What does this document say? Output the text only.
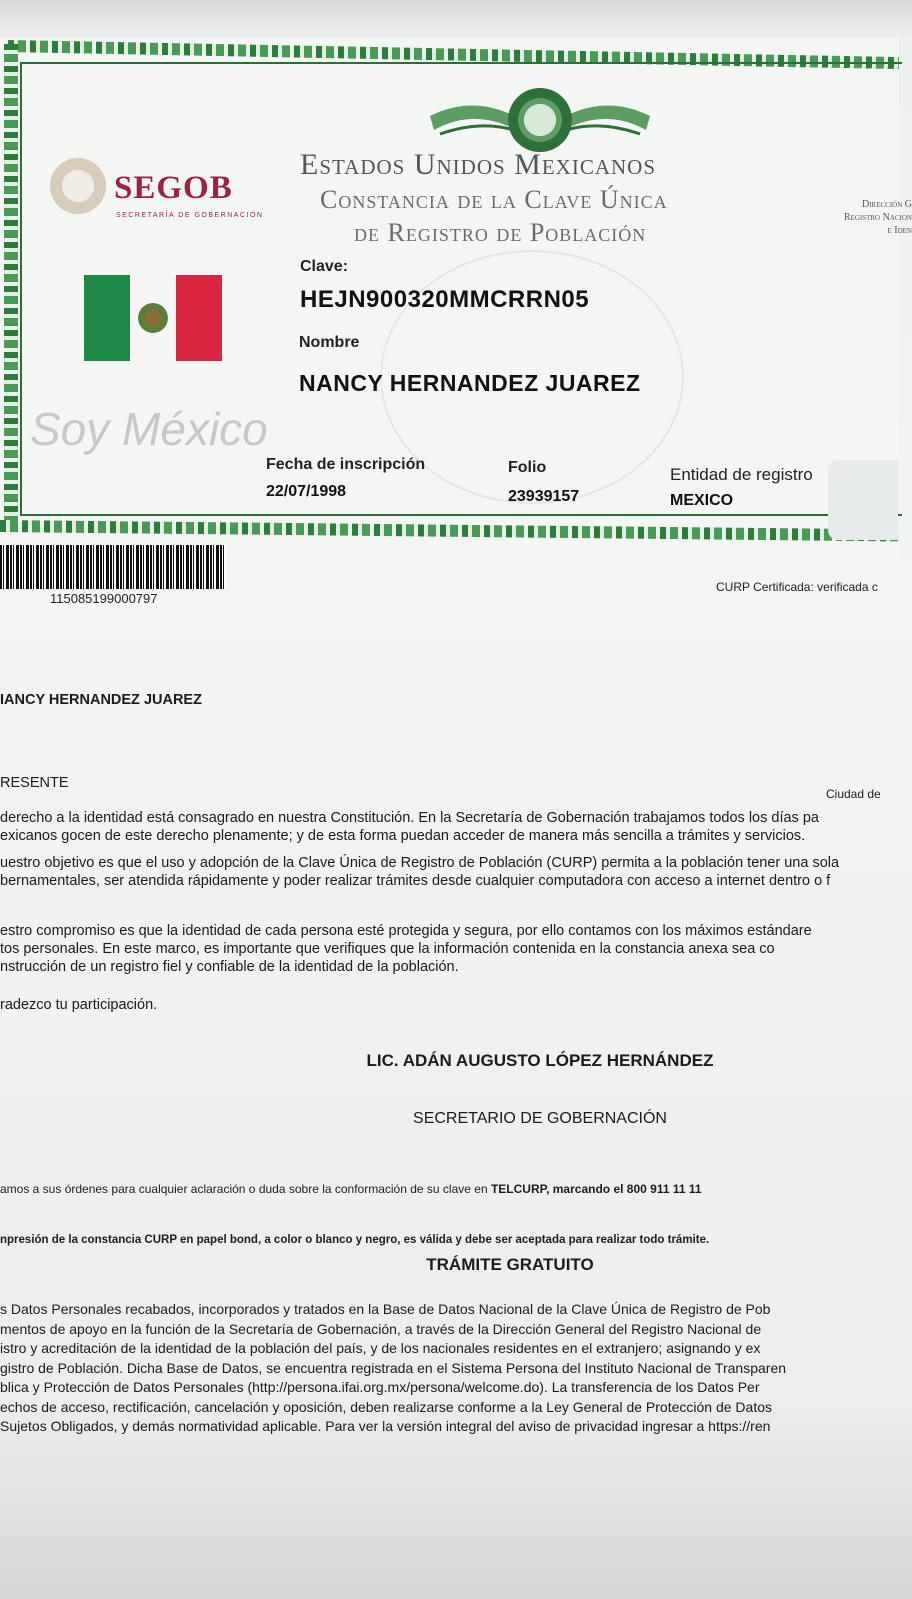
SEGOB
SECRETARÍA DE GOBERNACIÓN
Estados Unidos Mexicanos
Constancia de la Clave Única
de Registro de Población
Dirección G
Registro Nacion
e Iden
Soy México
Clave:
HEJN900320MMCRRN05
Nombre
NANCY HERNANDEZ JUAREZ
Fecha de inscripción
22/07/1998
Folio
23939157
Entidad de registro
MEXICO
115085199000797
CURP Certificada: verificada c
IANCY HERNANDEZ JUAREZ
RESENTE
Ciudad de
derecho a la identidad está consagrado en nuestra Constitución. En la Secretaría de Gobernación trabajamos todos los días pa
exicanos gocen de este derecho plenamente; y de esta forma puedan acceder de manera más sencilla a trámites y servicios.
uestro objetivo es que el uso y adopción de la Clave Única de Registro de Población (CURP) permita a la población tener una sola
bernamentales, ser atendida rápidamente y poder realizar trámites desde cualquier computadora con acceso a internet dentro o f
estro compromiso es que la identidad de cada persona esté protegida y segura, por ello contamos con los máximos estándare
tos personales. En este marco, es importante que verifiques que la información contenida en la constancia anexa sea co
nstrucción de un registro fiel y confiable de la identidad de la población.
radezco tu participación.
LIC. ADÁN AUGUSTO LÓPEZ HERNÁNDEZ
SECRETARIO DE GOBERNACIÓN
amos a sus órdenes para cualquier aclaración o duda sobre la conformación de su clave en TELCURP, marcando el 800 911 11 11
npresión de la constancia CURP en papel bond, a color o blanco y negro, es válida y debe ser aceptada para realizar todo trámite.
TRÁMITE GRATUITO
s Datos Personales recabados, incorporados y tratados en la Base de Datos Nacional de la Clave Única de Registro de Pob
mentos de apoyo en la función de la Secretaría de Gobernación, a través de la Dirección General del Registro Nacional de
istro y acreditación de la identidad de la población del país, y de los nacionales residentes en el extranjero; asignando y ex
gistro de Población. Dicha Base de Datos, se encuentra registrada en el Sistema Persona del Instituto Nacional de Transparen
blica y Protección de Datos Personales (http://persona.ifai.org.mx/persona/welcome.do). La transferencia de los Datos Per
echos de acceso, rectificación, cancelación y oposición, deben realizarse conforme a la Ley General de Protección de Datos
Sujetos Obligados, y demás normatividad aplicable. Para ver la versión integral del aviso de privacidad ingresar a https://ren
